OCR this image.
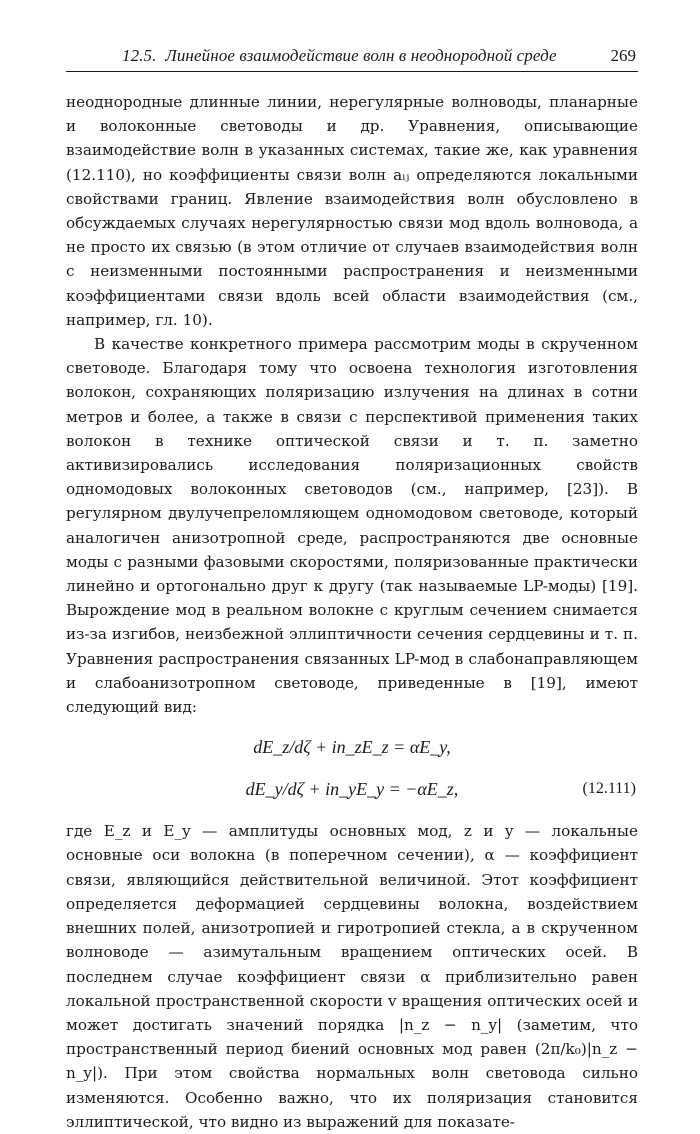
12.5. Линейное взаимодействие волн в неоднородной среде	269

неоднородные длинные линии, нерегулярные волноводы, планарные и волоконные световоды и др. Уравнения, описывающие взаимодействие волн в указанных системах, такие же, как уравнения (12.110), но коэффициенты связи волн aᵢⱼ определяются локальными свойствами границ. Явление взаимодействия волн обусловлено в обсуждаемых случаях нерегулярностью связи мод вдоль волновода, а не просто их связью (в этом отличие от случаев взаимодействия волн с неизменными постоянными распространения и неизменными коэффициентами связи вдоль всей области взаимодействия (см., например, гл. 10).

В качестве конкретного примера рассмотрим моды в скрученном световоде. Благодаря тому что освоена технология изготовления волокон, сохраняющих поляризацию излучения на длинах в сотни метров и более, а также в связи с перспективой применения таких волокон в технике оптической связи и т. п. заметно активизировались исследования поляризационных свойств одномодовых волоконных световодов (см., например, [23]). В регулярном двулучепреломляющем одномодовом световоде, который аналогичен анизотропной среде, распространяются две основные моды с разными фазовыми скоростями, поляризованные практически линейно и ортогонально друг к другу (так называемые LP-моды) [19]. Вырождение мод в реальном волокне с круглым сечением снимается из-за изгибов, неизбежной эллиптичности сечения сердцевины и т. п. Уравнения распространения связанных LP-мод в слабонаправляющем и слабоанизотропном световоде, приведенные в [19], имеют следующий вид:

dE_z/dζ + in_zE_z = αE_y,
dE_y/dζ + in_yE_y = −αE_z,	(12.111)

где E_z и E_y — амплитуды основных мод, z и y — локальные основные оси волокна (в поперечном сечении), α — коэффициент связи, являющийся действительной величиной. Этот коэффициент определяется деформацией сердцевины волокна, воздействием внешних полей, анизотропией и гиротропией стекла, а в скрученном волноводе — азимутальным вращением оптических осей. В последнем случае коэффициент связи α приблизительно равен локальной пространственной скорости v вращения оптических осей и может достигать значений порядка |n_z − n_y| (заметим, что пространственный период биений основных мод равен (2π/k₀)|n_z − n_y|). При этом свойства нормальных волн световода сильно изменяются. Особенно важно, что их поляризация становится эллиптической, что видно из выражений для показате-
